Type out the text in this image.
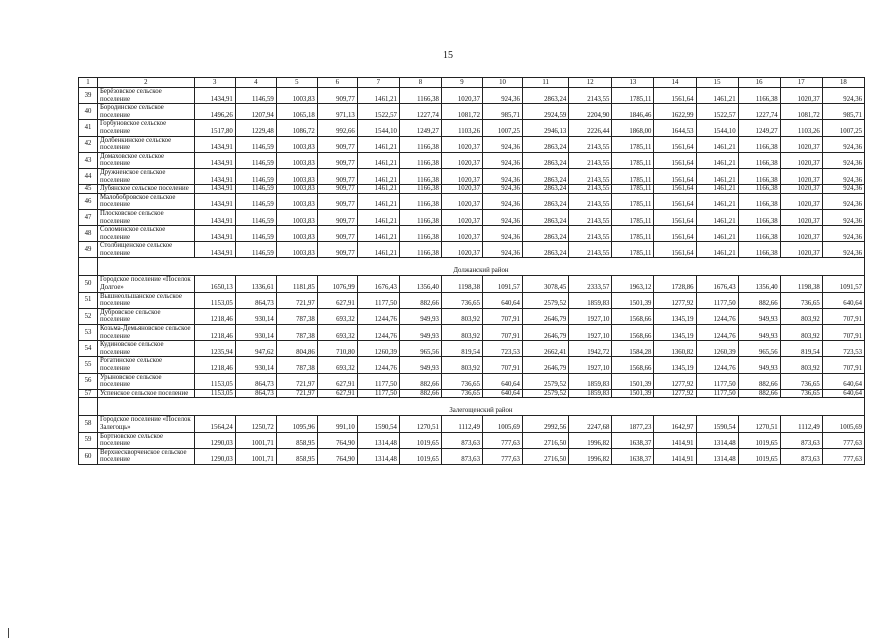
15
1	2	3	4	5	6	7	8	9	10	11	12	13	14	15	16	17	18
39	Берёзовское сельское поселение	1434,91	1146,59	1003,83	909,77	1461,21	1166,38	1020,37	924,36	2863,24	2143,55	1785,11	1561,64	1461,21	1166,38	1020,37	924,36
40	Бородинское сельское поселение	1496,26	1207,94	1065,18	971,13	1522,57	1227,74	1081,72	985,71	2924,59	2204,90	1846,46	1622,99	1522,57	1227,74	1081,72	985,71
41	Горбуновское сельское поселение	1517,80	1229,48	1086,72	992,66	1544,10	1249,27	1103,26	1007,25	2946,13	2226,44	1868,00	1644,53	1544,10	1249,27	1103,26	1007,25
42	Долбенкинское сельское поселение	1434,91	1146,59	1003,83	909,77	1461,21	1166,38	1020,37	924,36	2863,24	2143,55	1785,11	1561,64	1461,21	1166,38	1020,37	924,36
43	Домаховское сельское поселение	1434,91	1146,59	1003,83	909,77	1461,21	1166,38	1020,37	924,36	2863,24	2143,55	1785,11	1561,64	1461,21	1166,38	1020,37	924,36
44	Дружненское сельское поселение	1434,91	1146,59	1003,83	909,77	1461,21	1166,38	1020,37	924,36	2863,24	2143,55	1785,11	1561,64	1461,21	1166,38	1020,37	924,36
45	Лубянское сельское поселение	1434,91	1146,59	1003,83	909,77	1461,21	1166,38	1020,37	924,36	2863,24	2143,55	1785,11	1561,64	1461,21	1166,38	1020,37	924,36
46	Малобобровское сельское поселение	1434,91	1146,59	1003,83	909,77	1461,21	1166,38	1020,37	924,36	2863,24	2143,55	1785,11	1561,64	1461,21	1166,38	1020,37	924,36
47	Плосковское сельское поселение	1434,91	1146,59	1003,83	909,77	1461,21	1166,38	1020,37	924,36	2863,24	2143,55	1785,11	1561,64	1461,21	1166,38	1020,37	924,36
48	Соломинское сельское поселение	1434,91	1146,59	1003,83	909,77	1461,21	1166,38	1020,37	924,36	2863,24	2143,55	1785,11	1561,64	1461,21	1166,38	1020,37	924,36
49	Столбищенское сельское поселение	1434,91	1146,59	1003,83	909,77	1461,21	1166,38	1020,37	924,36	2863,24	2143,55	1785,11	1561,64	1461,21	1166,38	1020,37	924,36
	Должанский район																
50	Городское поселение «Поселок Долгое»	1650,13	1336,61	1181,85	1076,99	1676,43	1356,40	1198,38	1091,57	3078,45	2333,57	1963,12	1728,86	1676,43	1356,40	1198,38	1091,57
51	Вышнеольшанское сельское поселение	1153,05	864,73	721,97	627,91	1177,50	882,66	736,65	640,64	2579,52	1859,83	1501,39	1277,92	1177,50	882,66	736,65	640,64
52	Дубровское сельское поселение	1218,46	930,14	787,38	693,32	1244,76	949,93	803,92	707,91	2646,79	1927,10	1568,66	1345,19	1244,76	949,93	803,92	707,91
53	Козьма-Демьяновское сельское поселение	1218,46	930,14	787,38	693,32	1244,76	949,93	803,92	707,91	2646,79	1927,10	1568,66	1345,19	1244,76	949,93	803,92	707,91
54	Кудиновское сельское поселение	1235,94	947,62	804,86	710,80	1260,39	965,56	819,54	723,53	2662,41	1942,72	1584,28	1360,82	1260,39	965,56	819,54	723,53
55	Рогатинское сельское поселение	1218,46	930,14	787,38	693,32	1244,76	949,93	803,92	707,91	2646,79	1927,10	1568,66	1345,19	1244,76	949,93	803,92	707,91
56	Урыновское сельское поселение	1153,05	864,73	721,97	627,91	1177,50	882,66	736,65	640,64	2579,52	1859,83	1501,39	1277,92	1177,50	882,66	736,65	640,64
57	Успенское сельское поселение	1153,05	864,73	721,97	627,91	1177,50	882,66	736,65	640,64	2579,52	1859,83	1501,39	1277,92	1177,50	882,66	736,65	640,64
	Залегощенский район																
58	Городское поселение «Поселок Залегощь»	1564,24	1250,72	1095,96	991,10	1590,54	1270,51	1112,49	1005,69	2992,56	2247,68	1877,23	1642,97	1590,54	1270,51	1112,49	1005,69
59	Бортновское сельское поселение	1290,03	1001,71	858,95	764,90	1314,48	1019,65	873,63	777,63	2716,50	1996,82	1638,37	1414,91	1314,48	1019,65	873,63	777,63
60	Верхнескворченское сельское поселение	1290,03	1001,71	858,95	764,90	1314,48	1019,65	873,63	777,63	2716,50	1996,82	1638,37	1414,91	1314,48	1019,65	873,63	777,63
